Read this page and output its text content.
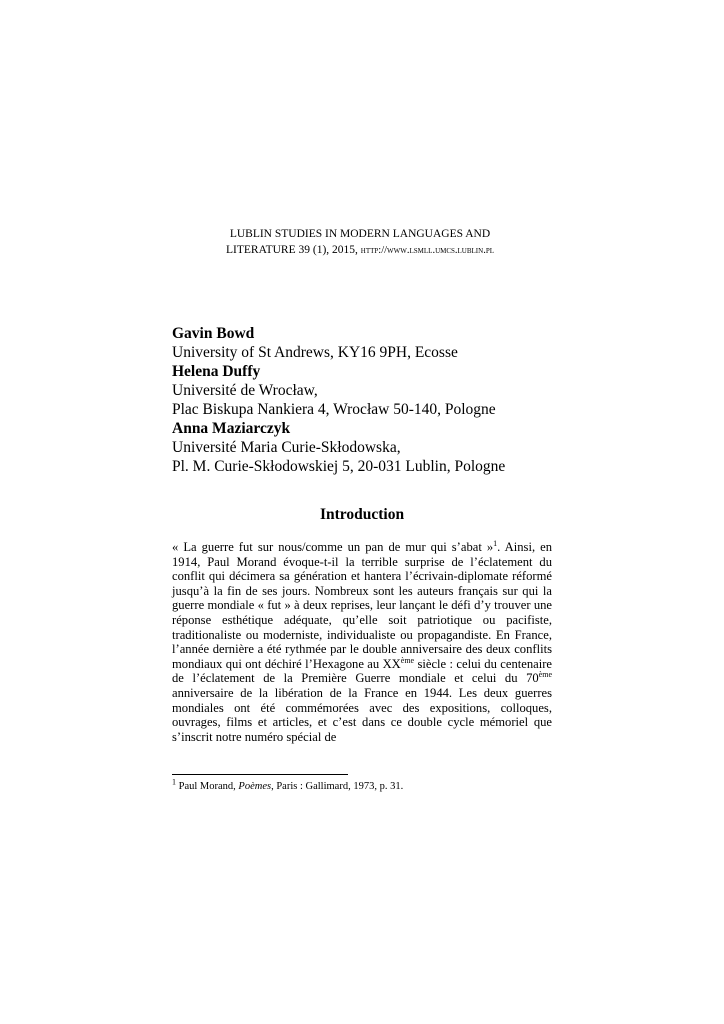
LUBLIN STUDIES IN MODERN LANGUAGES AND

LITERATURE 39 (1), 2015, http://www.lsmll.umcs.lublin.pl
Gavin Bowd
University of St Andrews, KY16 9PH, Ecosse
Helena Duffy
Université de Wrocław,
Plac Biskupa Nankiera 4, Wrocław 50-140, Pologne
Anna Maziarczyk
Université Maria Curie-Skłodowska,
Pl. M. Curie-Skłodowskiej 5, 20-031 Lublin, Pologne
Introduction

« La guerre fut sur nous/comme un pan de mur qui s’abat »$^1$. Ainsi, en 1914, Paul Morand évoque-t-il la terrible surprise de l’éclatement du conflit qui décimera sa génération et hantera l’écrivain-diplomate réformé jusqu’à la fin de ses jours. Nombreux sont les auteurs français sur qui la guerre mondiale « fut » à deux reprises, leur lançant le défi d’y trouver une réponse esthétique adéquate, qu’elle soit patriotique ou pacifiste, traditionaliste ou moderniste, individualiste ou propagandiste. En France, l’année dernière a été rythmée par le double anniversaire des deux conflits mondiaux qui ont déchiré l’Hexagone au XXème siècle : celui du centenaire de l’éclatement de la Première Guerre mondiale et celui du 70ème anniversaire de la libération de la France en 1944. Les deux guerres mondiales ont été commémorées avec des expositions, colloques, ouvrages, films et articles, et c’est dans ce double cycle mémoriel que s’inscrit notre numéro spécial de

$^1$ Paul Morand, Poèmes, Paris : Gallimard, 1973, p. 31.
